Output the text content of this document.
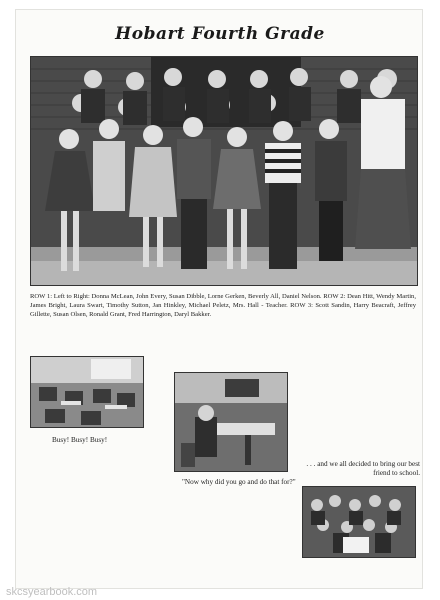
Hobart Fourth Grade
ROW 1: Left to Right: Donna McLean, John Every, Susan Dibble, Lorne Gerken, Beverly All, Daniel Nelson. ROW 2: Dean Hitt, Wendy Martin, James Bright, Laura Swart, Timothy Sutton, Jan Hinkley, Michael Peletz, Mrs. Hall - Teacher. ROW 3: Scott Sandin, Harry Beacraft, Jeffrey Gillette, Susan Olsen, Ronald Grant, Fred Harrington, Daryl Bakker.
Busy! Busy! Busy!
"Now why did you go and do that for?"
. . . and we all decided to bring our best friend to school.
skcsyearbook.com
